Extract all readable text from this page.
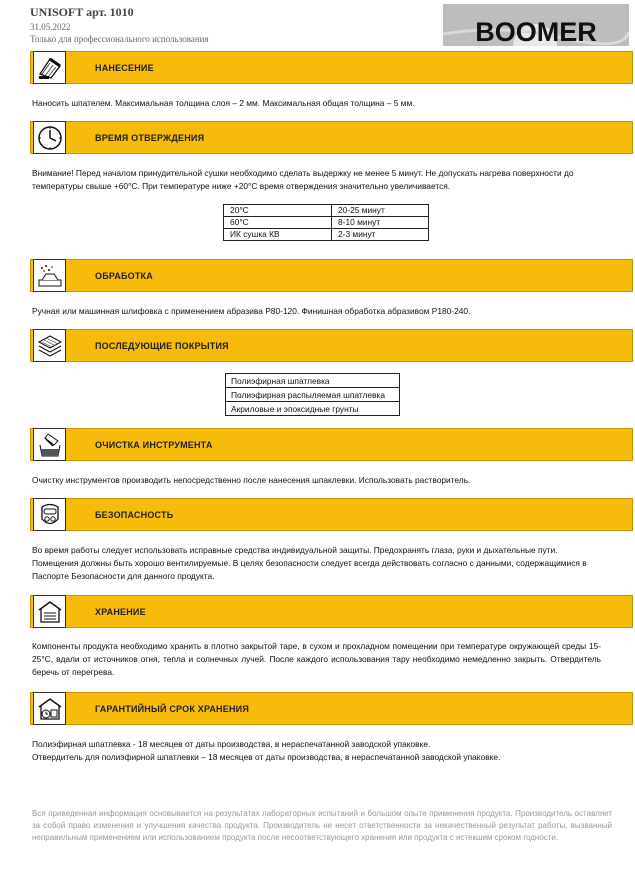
UNISOFT арт. 1010
31.05.2022
Только для профессионального использования	BOOMER
НАНЕСЕНИЕ
Наносить шпателем. Максимальная толщина слоя – 2 мм. Максимальная общая толщина – 5 мм.
ВРЕМЯ ОТВЕРЖДЕНИЯ
Внимание! Перед началом принудительной сушки необходимо сделать выдержку не менее 5 минут. Не допускать нагрева поверхности до температуры свыше +60°C. При температуре ниже +20°C время отверждения значительно увеличивается.
20°C	20-25 минут
60°C	8-10 минут
ИК сушка КВ	2-3 минут
ОБРАБОТКА
Ручная или машинная шлифовка с применением абразива P80-120. Финишная обработка абразивом P180-240.
ПОСЛЕДУЮЩИЕ ПОКРЫТИЯ
Полиэфирная шпатлевка
Полиэфирная распыляемая шпатлевка
Акриловые и эпоксидные грунты
ОЧИСТКА ИНСТРУМЕНТА
Очистку инструментов производить непосредственно после нанесения шпаклевки. Использовать растворитель.
БЕЗОПАСНОСТЬ
Во время работы следует использовать исправные средства индивидуальной защиты. Предохранять глаза, руки и дыхательные пути. Помещения должны быть хорошо вентилируемые. В целях безопасности следует всегда действовать согласно с данными, содержащимися в Паспорте Безопасности для данного продукта.
ХРАНЕНИЕ
Компоненты продукта необходимо хранить в плотно закрытой таре, в сухом и прохладном помещении при температуре окружающей среды 15-25°C, вдали от источников огня, тепла и солнечных лучей. После каждого использования тару необходимо немедленно закрыть. Отвердитель беречь от перегрева.
ГАРАНТИЙНЫЙ СРОК ХРАНЕНИЯ
Полиэфирная шпатлевка - 18 месяцев от даты производства, в нераспечатанной заводской упаковке.
Отвердитель для полиэфирной шпатлевки – 18 месяцев от даты производства, в нераспечатанной заводской упаковке.
Вся приведенная информация основывается на результатах лабораторных испытаний и большом опыте применения продукта. Производитель оставляет за собой право изменения и улучшения качества продукта. Производитель не несет ответственности за некачественный результат работы, вызванный неправильным применением или использованием продукта после несоответствующего хранения или продукта с истекшим сроком годности.
